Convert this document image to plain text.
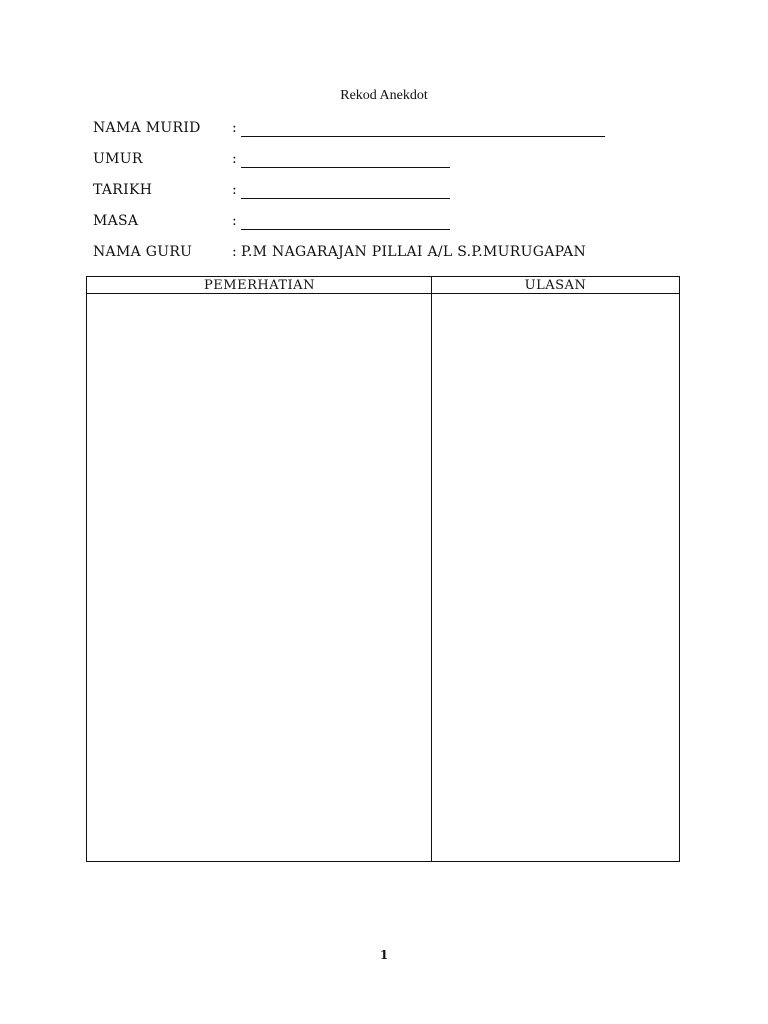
Rekod Anekdot
NAMA MURID :
UMUR	:
TARIKH	:
MASA	:
NAMA GURU	: P.M NAGARAJAN PILLAI A/L S.P.MURUGAPAN
PEMERHATIAN	ULASAN
1
